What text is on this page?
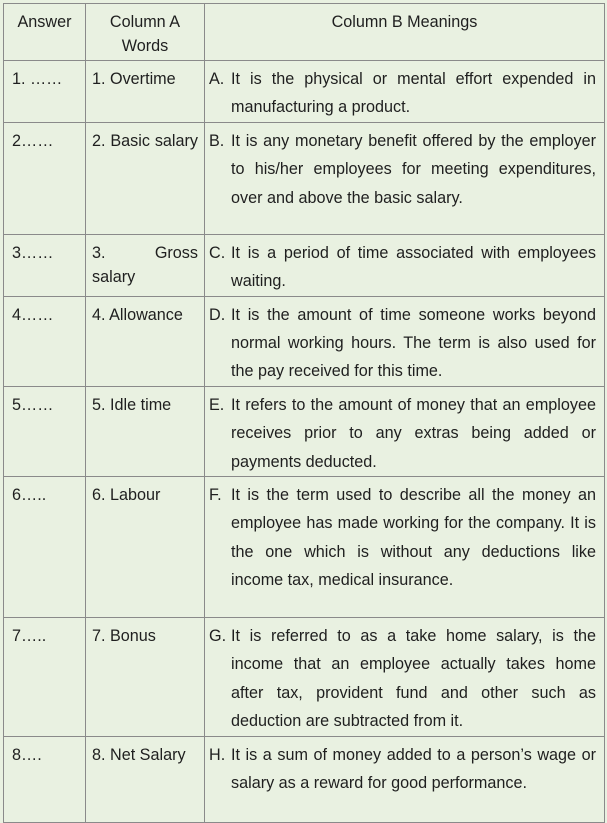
Answer	Column A Words	Column B Meanings
1. ……	1. Overtime	A. It is the physical or mental effort expended in manufacturing a product.

2……	2. Basic salary	B. It is any monetary benefit offered by the employer to his/her employees for meeting expenditures, over and above the basic salary.

3……	3. Gross salary	C. It is a period of time associated with employees waiting.

4……	4. Allowance	D. It is the amount of time someone works beyond normal working hours. The term is also used for the pay received for this time.

5……	5. Idle time	E. It refers to the amount of money that an employee receives prior to any extras being added or payments deducted.

6…..	6. Labour	F. It is the term used to describe all the money an employee has made working for the company. It is the one which is without any deductions like income tax, medical insurance.

7…..	7. Bonus	G. It is referred to as a take home salary, is the income that an employee actually takes home after tax, provident fund and other such as deduction are subtracted from it.

8….	8. Net Salary	H. It is a sum of money added to a person’s wage or salary as a reward for good performance.
